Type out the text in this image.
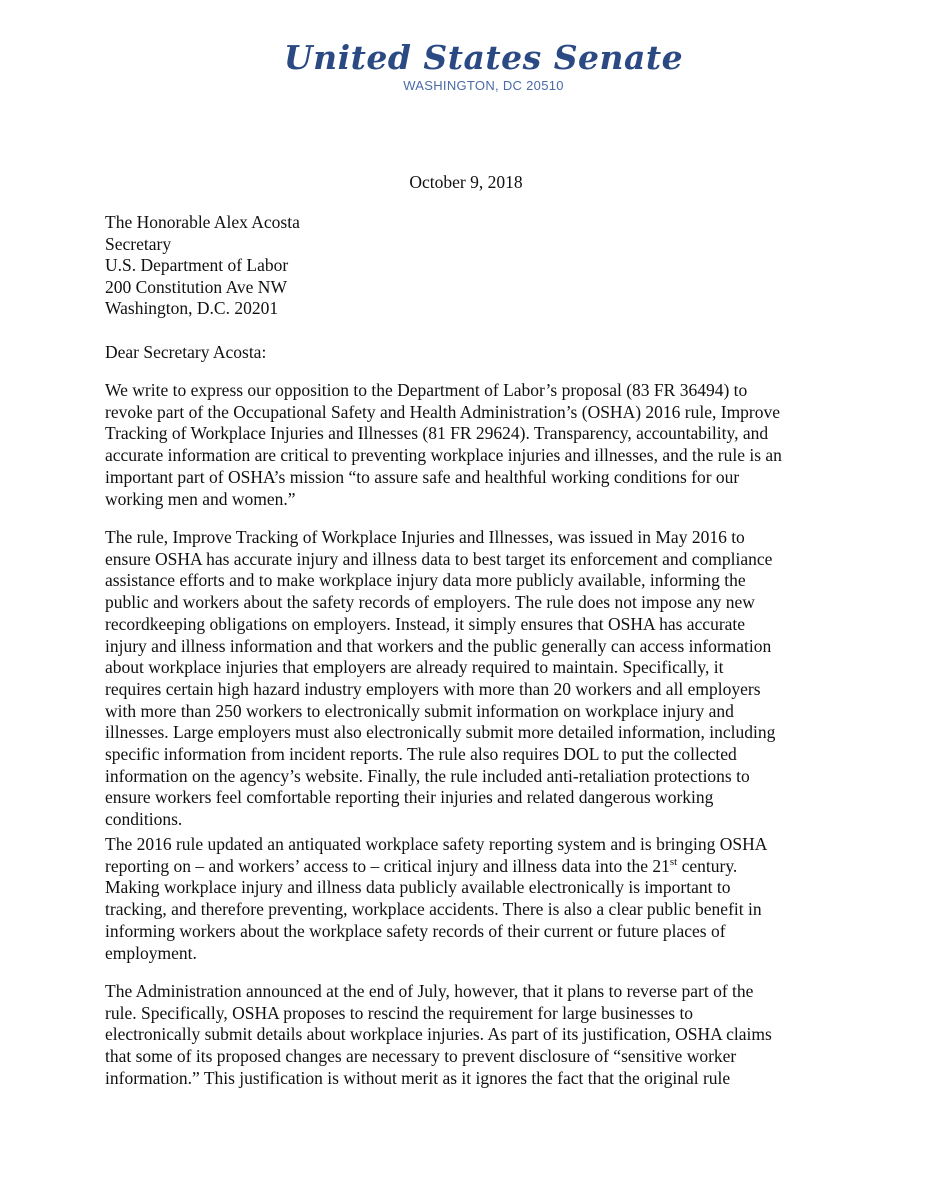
United States Senate
WASHINGTON, DC 20510
October 9, 2018
The Honorable Alex Acosta
Secretary
U.S. Department of Labor
200 Constitution Ave NW
Washington, D.C. 20201
Dear Secretary Acosta:
We write to express our opposition to the Department of Labor’s proposal (83 FR 36494) to
revoke part of the Occupational Safety and Health Administration’s (OSHA) 2016 rule, Improve
Tracking of Workplace Injuries and Illnesses (81 FR 29624). Transparency, accountability, and
accurate information are critical to preventing workplace injuries and illnesses, and the rule is an
important part of OSHA’s mission “to assure safe and healthful working conditions for our
working men and women.”
The rule, Improve Tracking of Workplace Injuries and Illnesses, was issued in May 2016 to
ensure OSHA has accurate injury and illness data to best target its enforcement and compliance
assistance efforts and to make workplace injury data more publicly available, informing the
public and workers about the safety records of employers. The rule does not impose any new
recordkeeping obligations on employers. Instead, it simply ensures that OSHA has accurate
injury and illness information and that workers and the public generally can access information
about workplace injuries that employers are already required to maintain. Specifically, it
requires certain high hazard industry employers with more than 20 workers and all employers
with more than 250 workers to electronically submit information on workplace injury and
illnesses. Large employers must also electronically submit more detailed information, including
specific information from incident reports. The rule also requires DOL to put the collected
information on the agency’s website. Finally, the rule included anti-retaliation protections to
ensure workers feel comfortable reporting their injuries and related dangerous working
conditions.
The 2016 rule updated an antiquated workplace safety reporting system and is bringing OSHA
reporting on – and workers’ access to – critical injury and illness data into the 21st century.
Making workplace injury and illness data publicly available electronically is important to
tracking, and therefore preventing, workplace accidents. There is also a clear public benefit in
informing workers about the workplace safety records of their current or future places of
employment.
The Administration announced at the end of July, however, that it plans to reverse part of the
rule. Specifically, OSHA proposes to rescind the requirement for large businesses to
electronically submit details about workplace injuries. As part of its justification, OSHA claims
that some of its proposed changes are necessary to prevent disclosure of “sensitive worker
information.” This justification is without merit as it ignores the fact that the original rule
